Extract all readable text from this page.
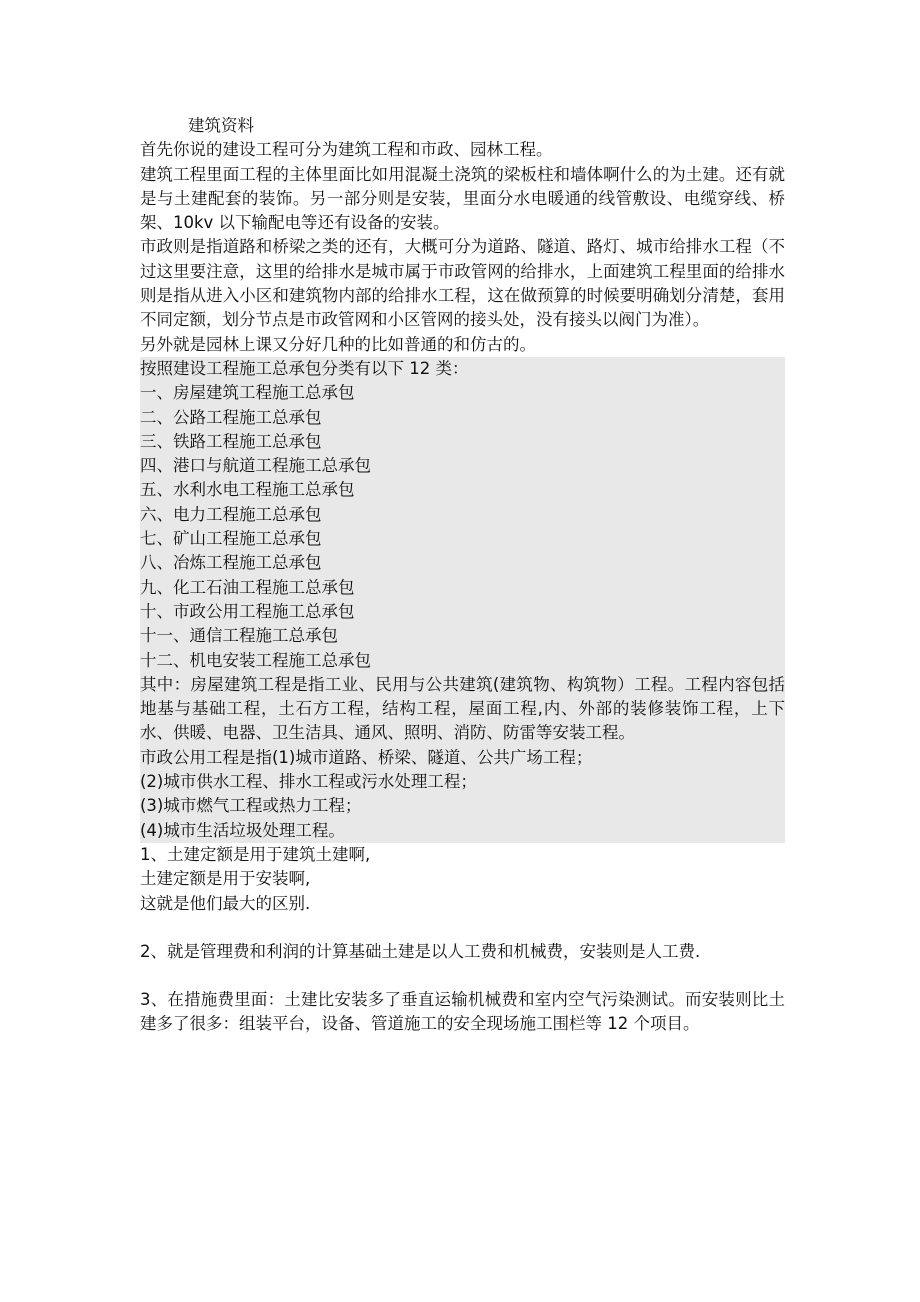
建筑资料

首先你说的建设工程可分为建筑工程和市政、园林工程。

建筑工程里面工程的主体里面比如用混凝土浇筑的梁板柱和墙体啊什么的为土建。还有就是与土建配套的装饰。另一部分则是安装，里面分水电暖通的线管敷设、电缆穿线、桥架、10kv 以下输配电等还有设备的安装。

市政则是指道路和桥梁之类的还有，大概可分为道路、隧道、路灯、城市给排水工程（不过这里要注意，这里的给排水是城市属于市政管网的给排水，上面建筑工程里面的给排水则是指从进入小区和建筑物内部的给排水工程，这在做预算的时候要明确划分清楚，套用不同定额，划分节点是市政管网和小区管网的接头处，没有接头以阀门为准）。

另外就是园林上课又分好几种的比如普通的和仿古的。

按照建设工程施工总承包分类有以下 12 类：

一、房屋建筑工程施工总承包

二、公路工程施工总承包

三、铁路工程施工总承包

四、港口与航道工程施工总承包

五、水利水电工程施工总承包

六、电力工程施工总承包

七、矿山工程施工总承包

八、冶炼工程施工总承包

九、化工石油工程施工总承包

十、市政公用工程施工总承包

十一、通信工程施工总承包

十二、机电安装工程施工总承包

其中：房屋建筑工程是指工业、民用与公共建筑(建筑物、构筑物）工程。工程内容包括地基与基础工程，土石方工程，结构工程，屋面工程,内、外部的装修装饰工程，上下水、供暖、电器、卫生洁具、通风、照明、消防、防雷等安装工程。

市政公用工程是指(1)城市道路、桥梁、隧道、公共广场工程；

(2)城市供水工程、排水工程或污水处理工程；

(3)城市燃气工程或热力工程；

(4)城市生活垃圾处理工程。

1、土建定额是用于建筑土建啊,

土建定额是用于安装啊,

这就是他们最大的区别.

2、就是管理费和利润的计算基础土建是以人工费和机械费，安装则是人工费.

3、在措施费里面：土建比安装多了垂直运输机械费和室内空气污染测试。而安装则比土建多了很多：组装平台，设备、管道施工的安全现场施工围栏等 12 个项目。
